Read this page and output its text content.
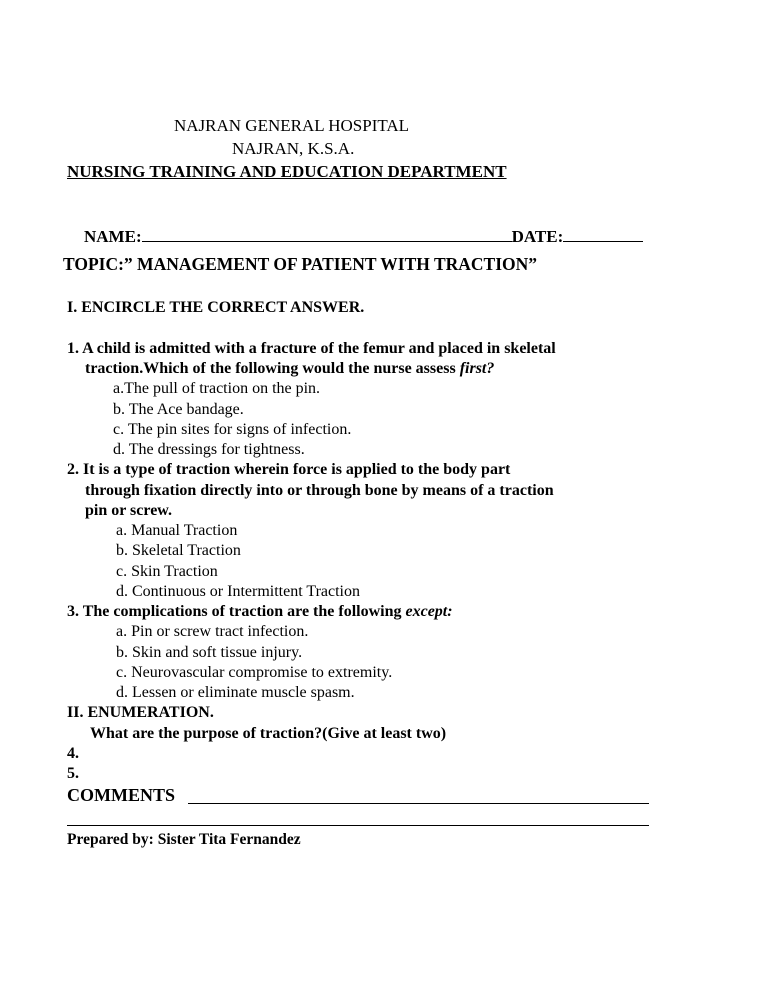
NAJRAN GENERAL HOSPITAL
NAJRAN, K.S.A.
NURSING TRAINING AND EDUCATION DEPARTMENT

NAME:	DATE:

TOPIC:” MANAGEMENT OF PATIENT WITH TRACTION”
I. ENCIRCLE THE CORRECT ANSWER.
1. A child is admitted with a fracture of the femur and placed in skeletal
traction.Which of the following would the nurse assess first?
a.The pull of traction on the pin.
b. The Ace bandage.
c. The pin sites for signs of infection.
d. The dressings for tightness.
2. It is a type of traction wherein force is applied to the body part
through fixation directly into or through bone by means of a traction
pin or screw.
a. Manual Traction
b. Skeletal Traction
c. Skin Traction
d. Continuous or Intermittent Traction
3. The complications of traction are the following except:
a. Pin or screw tract infection.
b. Skin and soft tissue injury.
c. Neurovascular compromise to extremity.
d. Lessen or eliminate muscle spasm.
II. ENUMERATION.
What are the purpose of traction?(Give at least two)
4.
5.
COMMENTS
Prepared by: Sister Tita Fernandez
